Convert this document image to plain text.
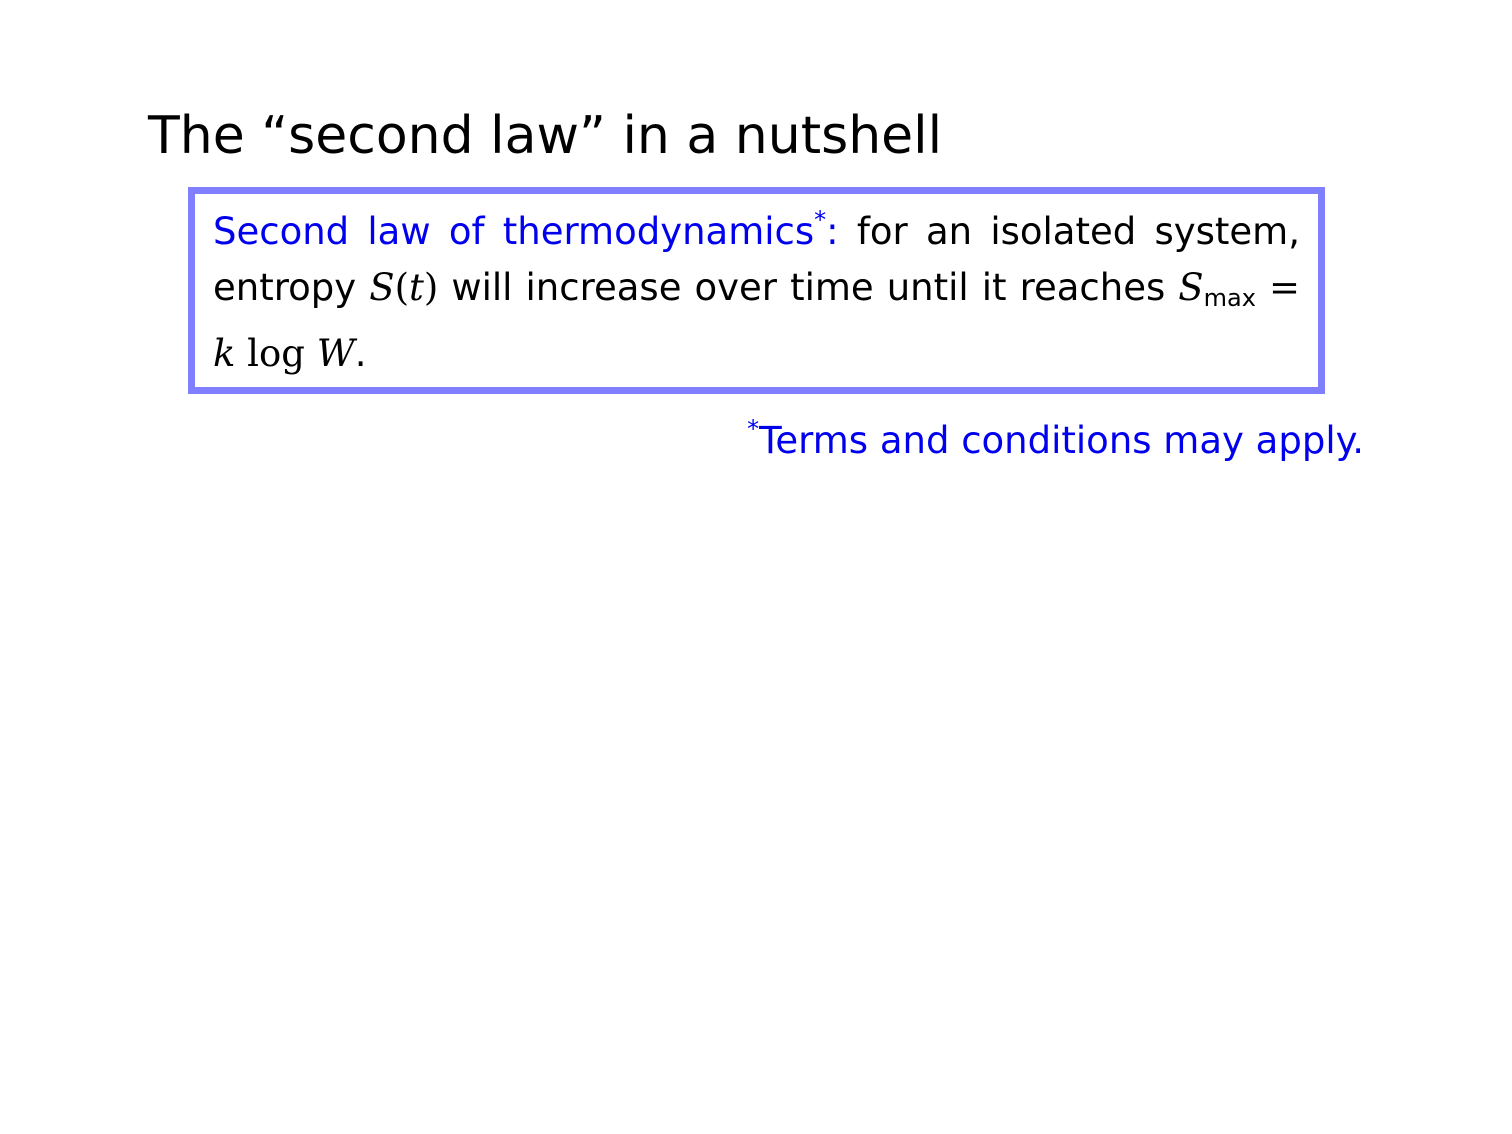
The “second law” in a nutshell

Second law of thermodynamics*: for an isolated system, entropy S(t) will increase over time until it reaches $S_{max} = k$ log W.

*Terms and conditions may apply.
